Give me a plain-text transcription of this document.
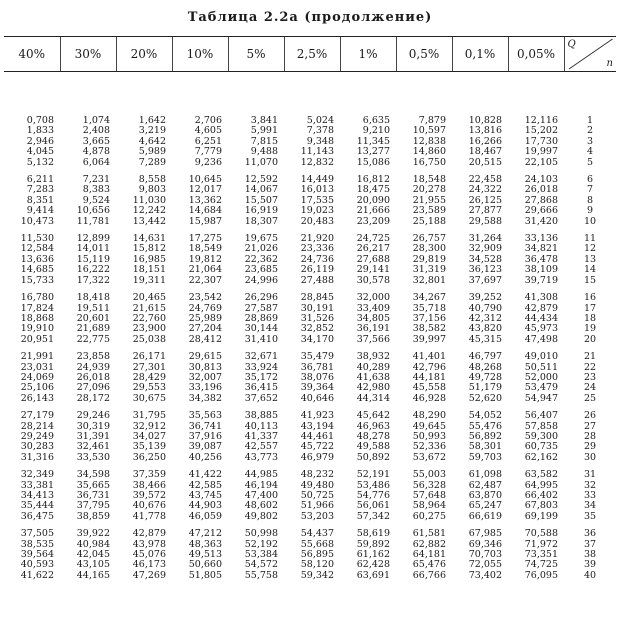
Таблица 2.2а (продолжение)
40%	30%	20%	10%	5%	2,5%	1%	0,5%	0,1%	0,05%	
Q
n
0,708	1,074	1,642	2,706	3,841	5,024	6,635	7,879	10,828	12,116	1
1,833	2,408	3,219	4,605	5,991	7,378	9,210	10,597	13,816	15,202	2
2,946	3,665	4,642	6,251	7,815	9,348	11,345	12,838	16,266	17,730	3
4,045	4,878	5,989	7,779	9,488	11,143	13,277	14,860	18,467	19,997	4
5,132	6,064	7,289	9,236	11,070	12,832	15,086	16,750	20,515	22,105	5

6,211	7,231	8,558	10,645	12,592	14,449	16,812	18,548	22,458	24,103	6
7,283	8,383	9,803	12,017	14,067	16,013	18,475	20,278	24,322	26,018	7
8,351	9,524	11,030	13,362	15,507	17,535	20,090	21,955	26,125	27,868	8
9,414	10,656	12,242	14,684	16,919	19,023	21,666	23,589	27,877	29,666	9
10,473	11,781	13,442	15,987	18,307	20,483	23,209	25,188	29,588	31,420	10

11,530	12,899	14,631	17,275	19,675	21,920	24,725	26,757	31,264	33,136	11
12,584	14,011	15,812	18,549	21,026	23,336	26,217	28,300	32,909	34,821	12
13,636	15,119	16,985	19,812	22,362	24,736	27,688	29,819	34,528	36,478	13
14,685	16,222	18,151	21,064	23,685	26,119	29,141	31,319	36,123	38,109	14
15,733	17,322	19,311	22,307	24,996	27,488	30,578	32,801	37,697	39,719	15

16,780	18,418	20,465	23,542	26,296	28,845	32,000	34,267	39,252	41,308	16
17,824	19,511	21,615	24,769	27,587	30,191	33,409	35,718	40,790	42,879	17
18,868	20,601	22,760	25,989	28,869	31,526	34,805	37,156	42,312	44,434	18
19,910	21,689	23,900	27,204	30,144	32,852	36,191	38,582	43,820	45,973	19
20,951	22,775	25,038	28,412	31,410	34,170	37,566	39,997	45,315	47,498	20

21,991	23,858	26,171	29,615	32,671	35,479	38,932	41,401	46,797	49,010	21
23,031	24,939	27,301	30,813	33,924	36,781	40,289	42,796	48,268	50,511	22
24,069	26,018	28,429	32,007	35,172	38,076	41,638	44,181	49,728	52,000	23
25,106	27,096	29,553	33,196	36,415	39,364	42,980	45,558	51,179	53,479	24
26,143	28,172	30,675	34,382	37,652	40,646	44,314	46,928	52,620	54,947	25

27,179	29,246	31,795	35,563	38,885	41,923	45,642	48,290	54,052	56,407	26
28,214	30,319	32,912	36,741	40,113	43,194	46,963	49,645	55,476	57,858	27
29,249	31,391	34,027	37,916	41,337	44,461	48,278	50,993	56,892	59,300	28
30,283	32,461	35,139	39,087	42,557	45,722	49,588	52,336	58,301	60,735	29
31,316	33,530	36,250	40,256	43,773	46,979	50,892	53,672	59,703	62,162	30

32,349	34,598	37,359	41,422	44,985	48,232	52,191	55,003	61,098	63,582	31
33,381	35,665	38,466	42,585	46,194	49,480	53,486	56,328	62,487	64,995	32
34,413	36,731	39,572	43,745	47,400	50,725	54,776	57,648	63,870	66,402	33
35,444	37,795	40,676	44,903	48,602	51,966	56,061	58,964	65,247	67,803	34
36,475	38,859	41,778	46,059	49,802	53,203	57,342	60,275	66,619	69,199	35

37,505	39,922	42,879	47,212	50,998	54,437	58,619	61,581	67,985	70,588	36
38,535	40,984	43,978	48,363	52,192	55,668	59,892	62,882	69,346	71,972	37
39,564	42,045	45,076	49,513	53,384	56,895	61,162	64,181	70,703	73,351	38
40,593	43,105	46,173	50,660	54,572	58,120	62,428	65,476	72,055	74,725	39
41,622	44,165	47,269	51,805	55,758	59,342	63,691	66,766	73,402	76,095	40
